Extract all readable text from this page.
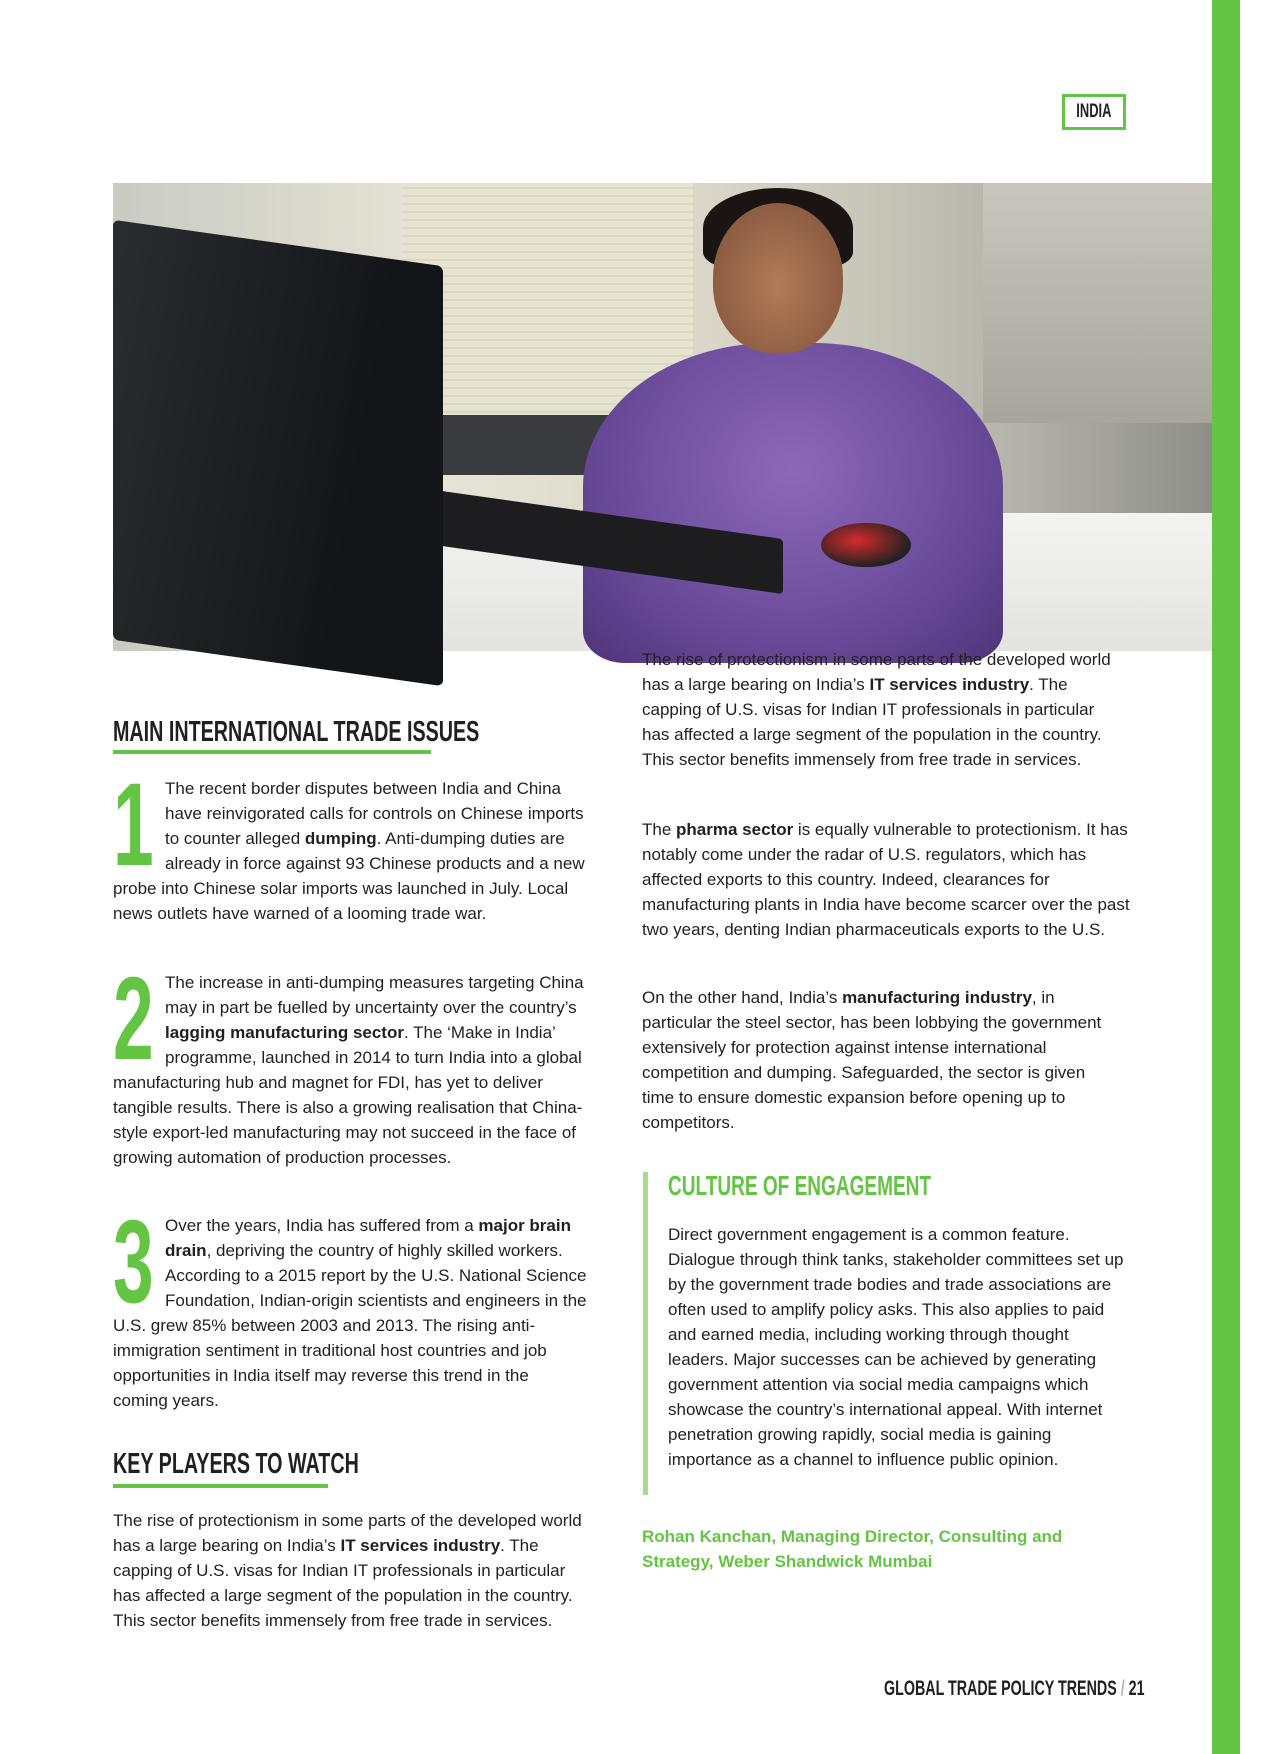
INDIA
MAIN INTERNATIONAL TRADE ISSUES
1 The recent border disputes between India and China have reinvigorated calls for controls on Chinese imports to counter alleged dumping. Anti-dumping duties are already in force against 93 Chinese products and a new probe into Chinese solar imports was launched in July. Local news outlets have warned of a looming trade war.
2 The increase in anti-dumping measures targeting China may in part be fuelled by uncertainty over the country’s lagging manufacturing sector. The ‘Make in India’ programme, launched in 2014 to turn India into a global manufacturing hub and magnet for FDI, has yet to deliver tangible results. There is also a growing realisation that China-style export-led manufacturing may not succeed in the face of growing automation of production processes.
3 Over the years, India has suffered from a major brain drain, depriving the country of highly skilled workers. According to a 2015 report by the U.S. National Science Foundation, Indian-origin scientists and engineers in the U.S. grew 85% between 2003 and 2013. The rising anti-immigration sentiment in traditional host countries and job opportunities in India itself may reverse this trend in the coming years.
KEY PLAYERS TO WATCH
The rise of protectionism in some parts of the developed world has a large bearing on India’s IT services industry. The capping of U.S. visas for Indian IT professionals in particular has affected a large segment of the population in the country. This sector benefits immensely from free trade in services.
The rise of protectionism in some parts of the developed world has a large bearing on India’s IT services industry. The capping of U.S. visas for Indian IT professionals in particular has affected a large segment of the population in the country. This sector benefits immensely from free trade in services.
The pharma sector is equally vulnerable to protectionism. It has notably come under the radar of U.S. regulators, which has affected exports to this country. Indeed, clearances for manufacturing plants in India have become scarcer over the past two years, denting Indian pharmaceuticals exports to the U.S.
On the other hand, India’s manufacturing industry, in particular the steel sector, has been lobbying the government extensively for protection against intense international competition and dumping. Safeguarded, the sector is given time to ensure domestic expansion before opening up to competitors.
CULTURE OF ENGAGEMENT
Direct government engagement is a common feature. Dialogue through think tanks, stakeholder committees set up by the government trade bodies and trade associations are often used to amplify policy asks. This also applies to paid and earned media, including working through thought leaders. Major successes can be achieved by generating government attention via social media campaigns which showcase the country’s international appeal. With internet penetration growing rapidly, social media is gaining importance as a channel to influence public opinion.
Rohan Kanchan, Managing Director, Consulting and Strategy, Weber Shandwick Mumbai
GLOBAL TRADE POLICY TRENDS / 21
